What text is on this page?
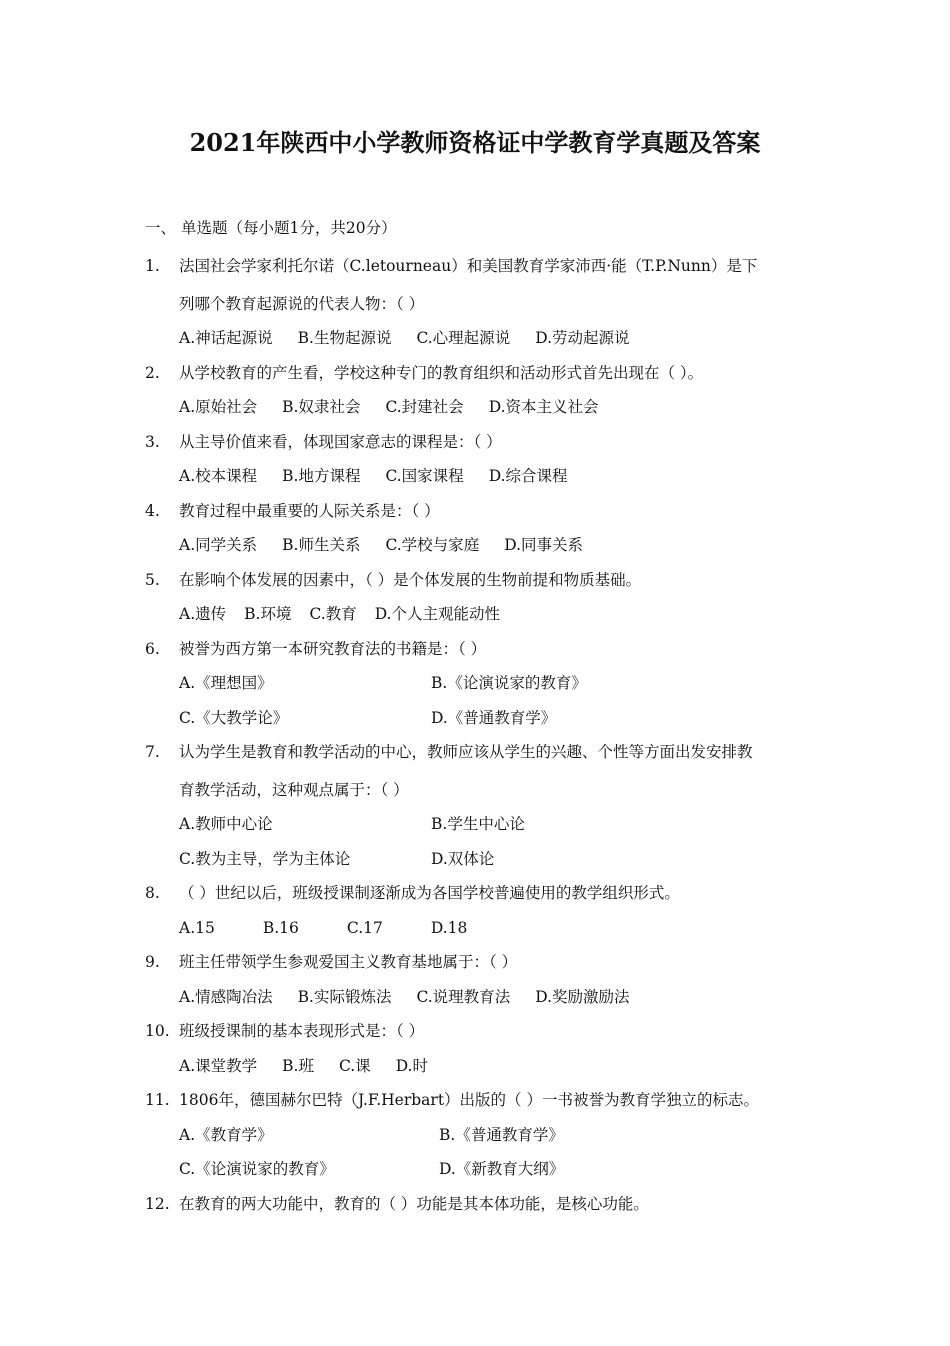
2021年陕西中小学教师资格证中学教育学真题及答案
一、 单选题（每小题1分，共20分）
1.	法国社会学家利托尔诺（C.letourneau）和美国教育学家沛西·能（T.P.Nunn）是下
列哪个教育起源说的代表人物：（ ）
A.神话起源说 B.生物起源说 C.心理起源说 D.劳动起源说
2.	从学校教育的产生看，学校这种专门的教育组织和活动形式首先出现在（ ）。
A.原始社会 B.奴隶社会 C.封建社会 D.资本主义社会
3.	从主导价值来看，体现国家意志的课程是：（ ）
A.校本课程 B.地方课程 C.国家课程 D.综合课程
4.	教育过程中最重要的人际关系是：（ ）
A.同学关系 B.师生关系 C.学校与家庭 D.同事关系
5.	在影响个体发展的因素中，（ ）是个体发展的生物前提和物质基础。
A.遗传 B.环境 C.教育 D.个人主观能动性
6.	被誉为西方第一本研究教育法的书籍是：（ ）
A.《理想国》	B.《论演说家的教育》
C.《大教学论》	D.《普通教育学》
7.	认为学生是教育和教学活动的中心，教师应该从学生的兴趣、个性等方面出发安排教
育教学活动，这种观点属于：（ ）
A.教师中心论	B.学生中心论
C.教为主导，学为主体论	D.双体论
8.	（ ）世纪以后，班级授课制逐渐成为各国学校普遍使用的教学组织形式。
A.15	B.16	C.17	D.18
9.	班主任带领学生参观爱国主义教育基地属于：（ ）
A.情感陶冶法 B.实际锻炼法 C.说理教育法 D.奖励激励法
10. 班级授课制的基本表现形式是：（ ）
A.课堂教学 B.班 C.课 D.时
11. 1806年，德国赫尔巴特（J.F.Herbart）出版的（ ）一书被誉为教育学独立的标志。
A.《教育学》	B.《普通教育学》
C.《论演说家的教育》	D.《新教育大纲》
12. 在教育的两大功能中，教育的（ ）功能是其本体功能，是核心功能。
